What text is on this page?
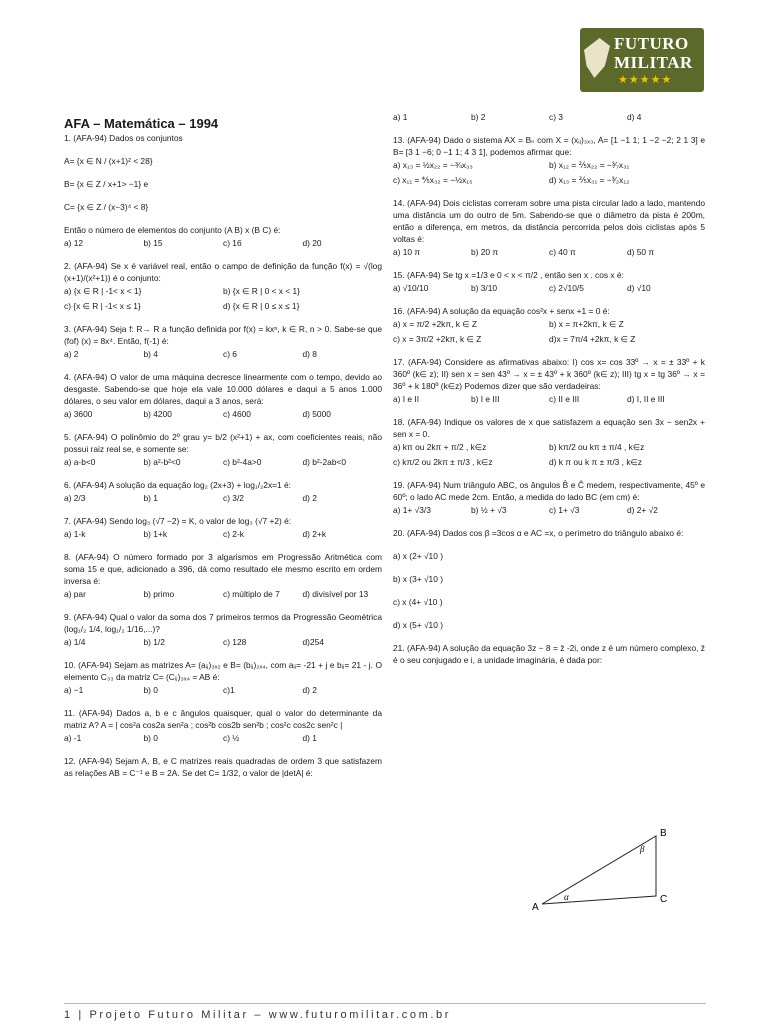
FUTURO
MILITAR
★★★★★
AFA – Matemática – 1994

1. (AFA-94) Dados os conjuntos

A= {x ∈ N / (x+1)² < 28}

B= {x ∈ Z / x+1> −1} e

C= {x ∈ Z / (x−3)⁴ < 8}

Então o número de elementos do conjunto (A B) x (B C) é:

a) 12	b) 15	c) 16	d) 20

2. (AFA-94) Se x é variável real, então o campo de definição da função f(x) = √(log (x+1)/(x²+1)) é o conjunto:

a) {x ∈ R | -1< x < 1}	b) {x ∈ R | 0 < x < 1}
c) {x ∈ R | -1< x ≤ 1}	d) {x ∈ R | 0 ≤ x ≤ 1}

3. (AFA-94) Seja f: R→ R a função definida por f(x) = kxⁿ, k ∈ R, n > 0. Sabe-se que (fof) (x) = 8x⁴. Então, f(-1) é:

a) 2	b) 4	c) 6	d) 8

4. (AFA-94) O valor de uma máquina decresce linearmente com o tempo, devido ao desgaste. Sabendo-se que hoje ela vale 10.000 dólares e daqui a 5 anos 1.000 dólares, o seu valor em dólares, daqui a 3 anos, será:

a) 3600	b) 4200	c) 4600	d) 5000

5. (AFA-94) O polinômio do 2º grau y= b/2 (x²+1) + ax, com coeficientes reais, não possui raiz real se, e somente se:

a) a-b<0	b) a²-b²<0	c) b²-4a>0	d) b²-2ab<0

6. (AFA-94) A solução da equação log₂ (2x+3) + log₁/₂2x=1 é:

a) 2/3	b) 1	c) 3/2	d) 2

7. (AFA-94) Sendo log₃ (√7 −2) = K, o valor de log₃ (√7 +2) é:

a) 1-k	b) 1+k	c) 2-k	d) 2+k

8. (AFA-94) O número formado por 3 algarismos em Progressão Aritmética com soma 15 e que, adicionado a 396, dá como resultado ele mesmo escrito em ordem inversa é:

a) par	b) primo	c) múltiplo de 7	d) divisível por 13

9. (AFA-94) Qual o valor da soma dos 7 primeiros termos da Progressão Geométrica (log₁/₂ 1/4, log₁/₂ 1/16,...)?

a) 1/4	b) 1/2	c) 128	d)254

10. (AFA-94) Sejam as matrizes A= (aᵢⱼ)₃ₓ₂ e B= (bᵢⱼ)₂ₓ₄, com aᵢⱼ= -21 + j e bᵢⱼ= 21 - j. O elemento C₃₃ da matriz C= (Cᵢⱼ)₃ₓ₄ = AB é:

a) −1	b) 0	c)1	d) 2

11. (AFA-94) Dados a, b e c ângulos quaisquer, qual o valor do determinante da matriz A? A = | cos²a cos2a sen²a ; cos²b cos2b sen²b ; cos²c cos2c sen²c |

a) -1	b) 0	c) ½	d) 1

12. (AFA-94) Sejam A, B, e C matrizes reais quadradas de ordem 3 que satisfazem as relações AB = C⁻¹ e B = 2A. Se det C= 1/32, o valor de |detA| é:

a) 1	b) 2	c) 3	d) 4

13. (AFA-94) Dado o sistema AX = Bₙ com X = (xᵢⱼ)₃ₓ₃, A= [1 −1 1; 1 −2 −2; 2 1 3] e B= [3 1 −6; 0 −1 1; 4 3 1], podemos afirmar que:

a) x₁₃ = ½x₂₂ = −¾x₃₃	b) x₁₂ = ⅖x₂₂ = −³⁄₇x₃₁
c) x₁₁ = ⅘x₃₂ = −½x₁₅	d) x₁₃ = ⅖x₃₁ = −³⁄₂x₁₂

14. (AFA-94) Dois ciclistas correram sobre uma pista circular lado a lado, mantendo uma distância um do outro de 5m. Sabendo-se que o diâmetro da pista é 200m, então a diferença, em metros, da distância percorrida pelos dois ciclistas após 5 voltas é:

a) 10 π	b) 20 π	c) 40 π	d) 50 π

15. (AFA-94) Se tg x =1/3 e 0 < x < π/2 , então sen x . cos x é:

a) √10/10	b) 3/10	c) 2√10/5	d) √10

16. (AFA-94) A solução da equação cos²x + senx +1 = 0 é:

a) x = π/2 +2kπ, k ∈ Z	b) x = π+2kπ, k ∈ Z
c) x = 3π/2 +2kπ, k ∈ Z	d)x = 7π/4 +2kπ, k ∈ Z

17. (AFA-94) Considere as afirmativas abaixo: I) cos x= cos 33º → x = ± 33º + k 360º (k∈ z); II) sen x = sen 43º → x = ± 43º + k 360º (k∈ z); III) tg x = tg 36º → x = 36º + k 180º (k∈z) Podemos dizer que são verdadeiras:

a) I e II	b) I e III	c) II e III	d) I, II e III

18. (AFA-94) Indique os valores de x que satisfazem a equação sen 3x − sen2x + sen x = 0.

a) kπ ou 2kπ + π/2 , k∈z	b) kπ/2 ou kπ ± π/4 , k∈z
c) kπ/2 ou 2kπ ± π/3 , k∈z	d) k π ou k π ± π/3 , k∈z

19. (AFA-94) Num triângulo ABC, os ângulos B̂ e Ĉ medem, respectivamente, 45º e 60º; o lado AC mede 2cm. Então, a medida do lado BC (em cm) é:

a) 1+ √3/3	b) ½ + √3	c) 1+ √3	d) 2+ √2

20. (AFA-94) Dados cos β =3cos α e AC =x, o perímetro do triângulo abaixo é:

a) x (2+ √10 )

b) x (3+ √10 )

c) x (4+ √10 )

d) x (5+ √10 )

21. (AFA-94) A solução da equação 3z − 8 = z̄ -2i, onde z é um número complexo, z̄ é o seu conjugado e i, a unidade imaginária, é dada por:

A
B
C
α
β
1 | Projeto Futuro Militar – www.futuromilitar.com.br
